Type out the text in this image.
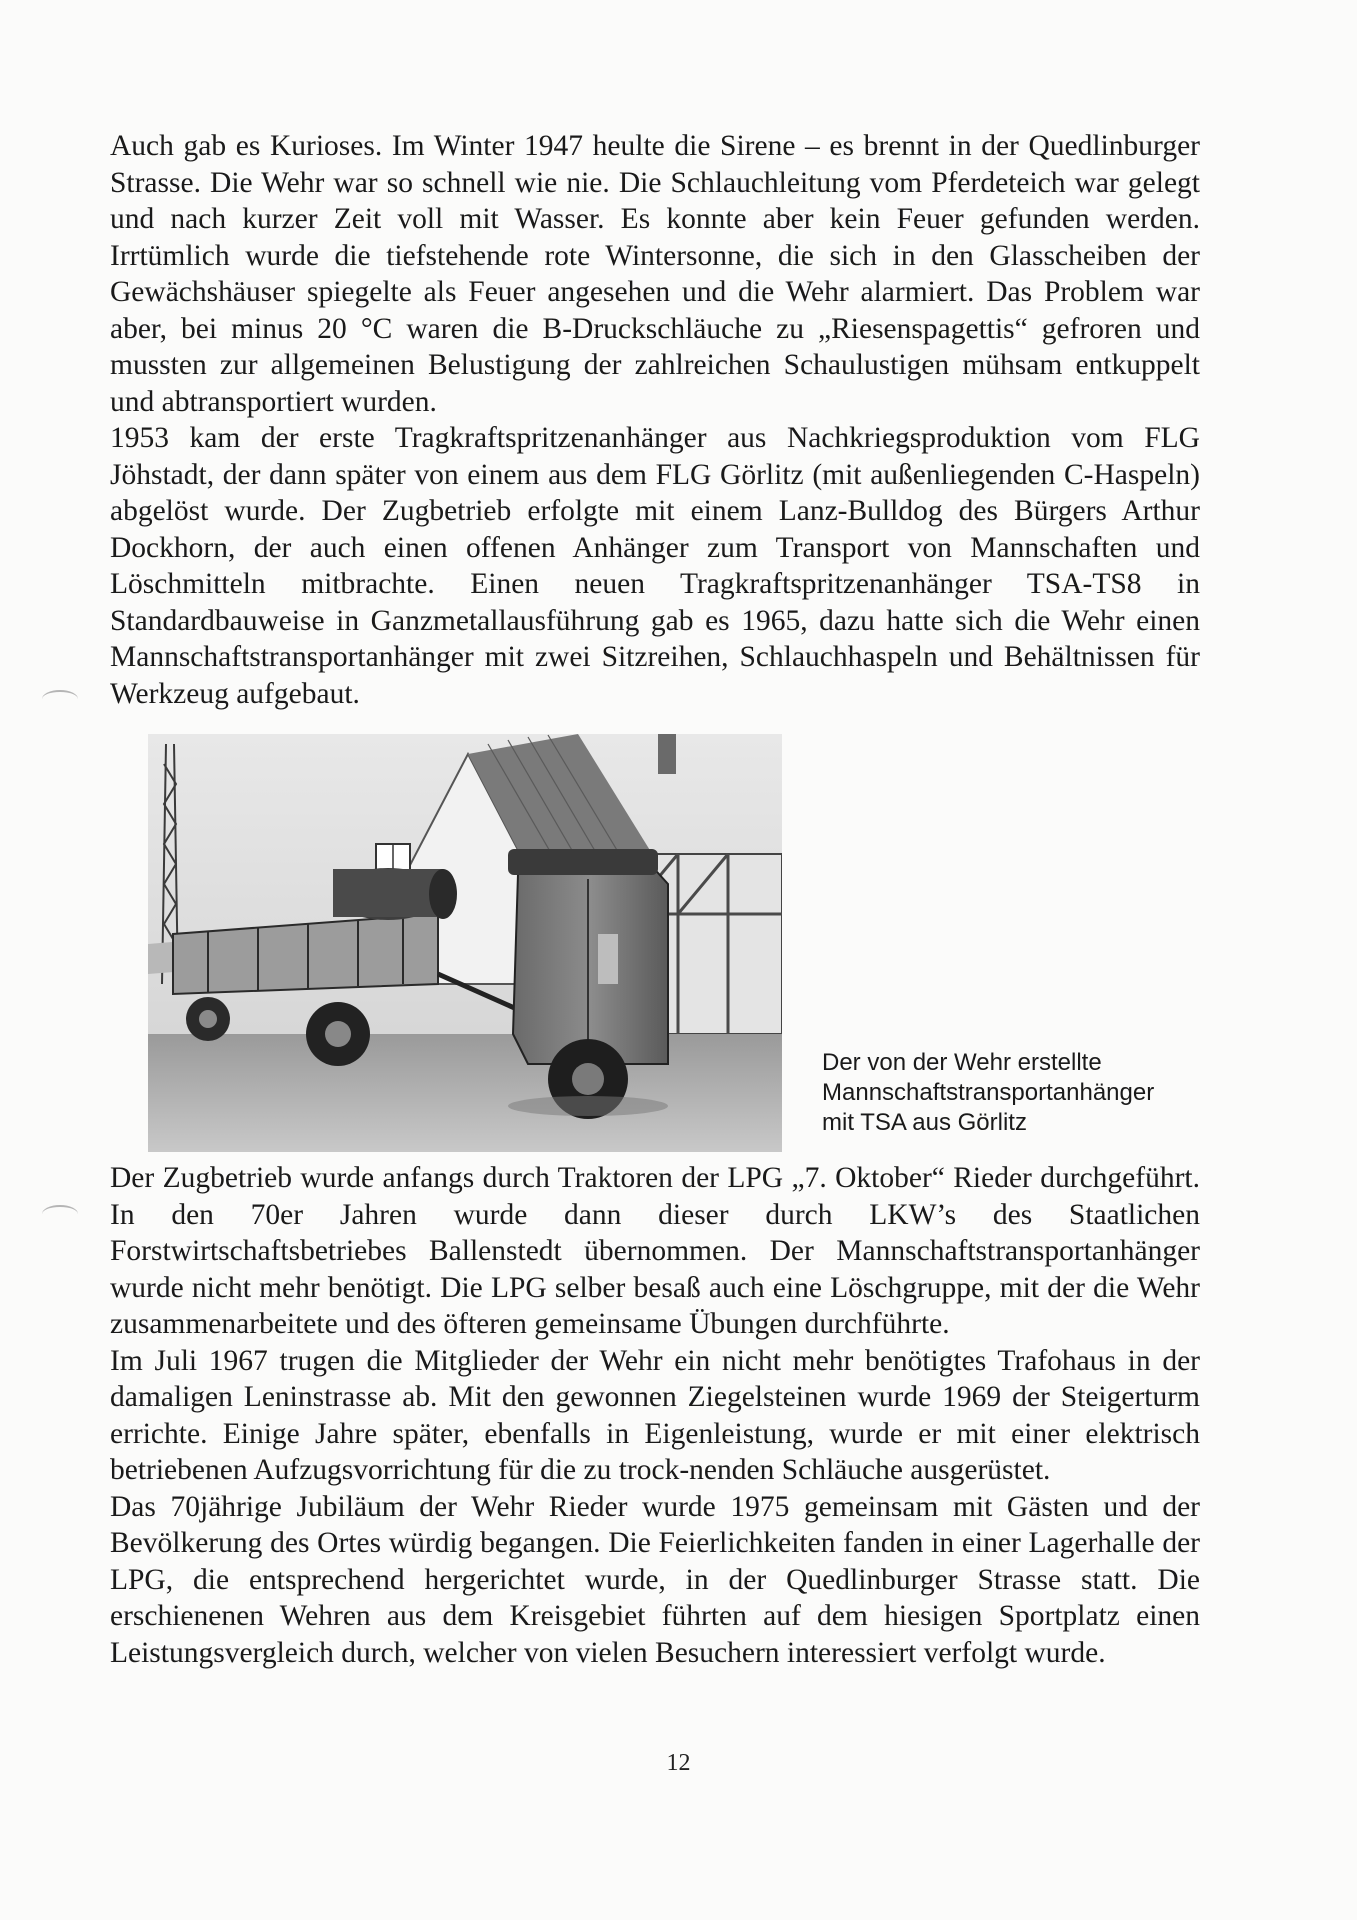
Auch gab es Kurioses. Im Winter 1947 heulte die Sirene – es brennt in der Quedlinburger Strasse. Die Wehr war so schnell wie nie. Die Schlauchleitung vom Pferdeteich war gelegt und nach kurzer Zeit voll mit Wasser. Es konnte aber kein Feuer gefunden werden. Irrtümlich wurde die tiefstehende rote Wintersonne, die sich in den Glasscheiben der Gewächshäuser spiegelte als Feuer angesehen und die Wehr alarmiert. Das Problem war aber, bei minus 20 °C waren die B-Druckschläuche zu „Riesenspagettis“ gefroren und mussten zur allgemeinen Belustigung der zahlreichen Schaulustigen mühsam entkuppelt und abtransportiert wurden.

1953 kam der erste Tragkraftspritzenanhänger aus Nachkriegsproduktion vom FLG Jöhstadt, der dann später von einem aus dem FLG Görlitz (mit außenliegenden C-Haspeln) abgelöst wurde. Der Zugbetrieb erfolgte mit einem Lanz-Bulldog des Bürgers Arthur Dockhorn, der auch einen offenen Anhänger zum Transport von Mannschaften und Löschmitteln mitbrachte. Einen neuen Tragkraftspritzenanhänger TSA-TS8 in Standardbauweise in Ganzmetallausführung gab es 1965, dazu hatte sich die Wehr einen Mannschaftstransportanhänger mit zwei Sitzreihen, Schlauchhaspeln und Behältnissen für Werkzeug aufgebaut.

Der von der Wehr erstellte
Mannschaftstransportanhänger
mit TSA aus Görlitz

Der Zugbetrieb wurde anfangs durch Traktoren der LPG „7. Oktober“ Rieder durchgeführt. In den 70er Jahren wurde dann dieser durch LKW’s des Staatlichen Forstwirtschaftsbetriebes Ballenstedt übernommen. Der Mannschaftstransportanhänger wurde nicht mehr benötigt. Die LPG selber besaß auch eine Löschgruppe, mit der die Wehr zusammenarbeitete und des öfteren gemeinsame Übungen durchführte.

Im Juli 1967 trugen die Mitglieder der Wehr ein nicht mehr benötigtes Trafohaus in der damaligen Leninstrasse ab. Mit den gewonnen Ziegelsteinen wurde 1969 der Steigerturm errichte. Einige Jahre später, ebenfalls in Eigenleistung, wurde er mit einer elektrisch betriebenen Aufzugsvorrichtung für die zu trock-nenden Schläuche ausgerüstet.

Das 70jährige Jubiläum der Wehr Rieder wurde 1975 gemeinsam mit Gästen und der Bevölkerung des Ortes würdig begangen. Die Feierlichkeiten fanden in einer Lagerhalle der LPG, die entsprechend hergerichtet wurde, in der Quedlinburger Strasse statt. Die erschienenen Wehren aus dem Kreisgebiet führten auf dem hiesigen Sportplatz einen Leistungsvergleich durch, welcher von vielen Besuchern interessiert verfolgt wurde.

12
